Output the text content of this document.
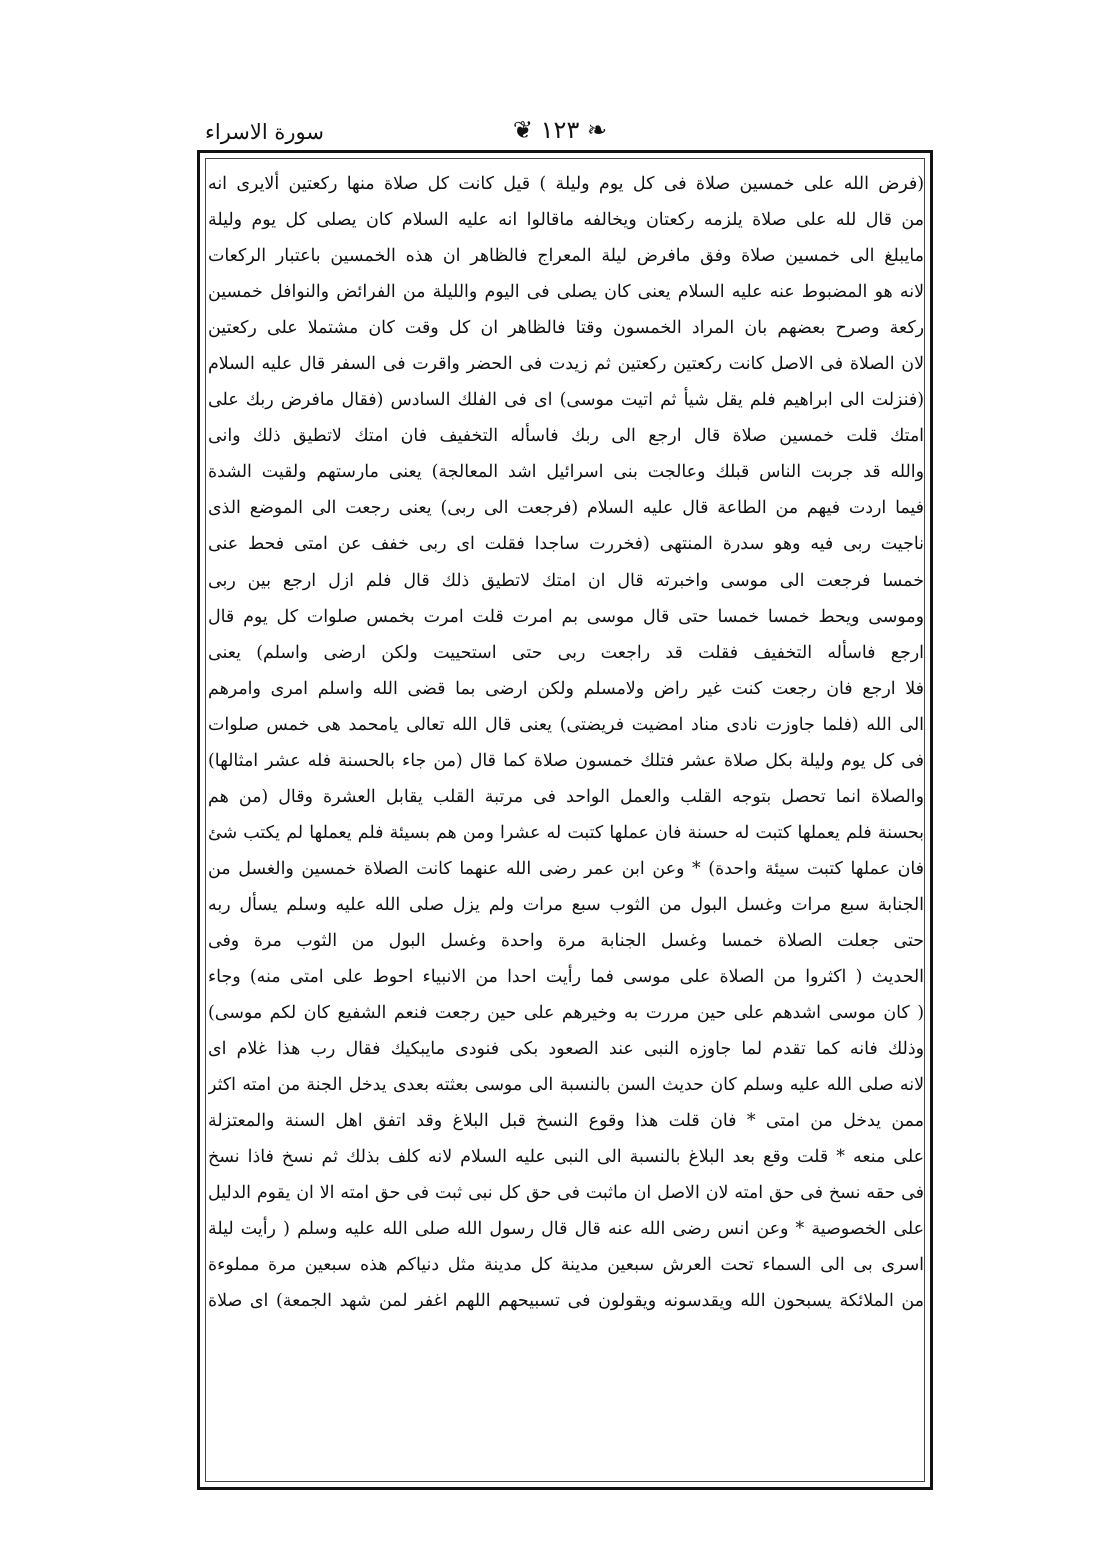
سورة الاسراء	❦ ۱۲۳ ❧
(فرض الله على خمسين صلاة فى كل يوم وليلة ) قيل كانت كل صلاة منها ركعتين ألايرى انه
من قال لله على صلاة يلزمه ركعتان ويخالفه ماقالوا انه عليه السلام كان يصلى كل يوم وليلة
مايبلغ الى خمسين صلاة وفق مافرض ليلة المعراج فالظاهر ان هذه الخمسين باعتبار الركعات
لانه هو المضبوط عنه عليه السلام يعنى كان يصلى فى اليوم والليلة من الفرائض والنوافل خمسين
ركعة وصرح بعضهم بان المراد الخمسون وقتا فالظاهر ان كل وقت كان مشتملا على ركعتين
لان الصلاة فى الاصل كانت ركعتين ركعتين ثم زيدت فى الحضر واقرت فى السفر قال عليه السلام
(فنزلت الى ابراهيم فلم يقل شيأ ثم اتيت موسى) اى فى الفلك السادس (فقال مافرض ربك على
امتك قلت خمسين صلاة قال ارجع الى ربك فاسأله التخفيف فان امتك لاتطيق ذلك وانى
والله قد جربت الناس قبلك وعالجت بنى اسرائيل اشد المعالجة) يعنى مارستهم ولقيت الشدة
فيما اردت فيهم من الطاعة قال عليه السلام (فرجعت الى ربى) يعنى رجعت الى الموضع الذى
ناجيت ربى فيه وهو سدرة المنتهى (فخررت ساجدا فقلت اى ربى خفف عن امتى فحط عنى
خمسا فرجعت الى موسى واخبرته قال ان امتك لاتطيق ذلك قال فلم ازل ارجع بين ربى
وموسى ويحط خمسا خمسا حتى قال موسى بم امرت قلت امرت بخمس صلوات كل يوم قال
ارجع فاسأله التخفيف فقلت قد راجعت ربى حتى استحييت ولكن ارضى واسلم) يعنى
فلا ارجع فان رجعت كنت غير راض ولامسلم ولكن ارضى بما قضى الله واسلم امرى وامرهم
الى الله (فلما جاوزت نادى مناد امضيت فريضتى) يعنى قال الله تعالى يامحمد هى خمس صلوات
فى كل يوم وليلة بكل صلاة عشر فتلك خمسون صلاة كما قال (من جاء بالحسنة فله عشر امثالها)
والصلاة انما تحصل بتوجه القلب والعمل الواحد فى مرتبة القلب يقابل العشرة وقال (من هم
بحسنة فلم يعملها كتبت له حسنة فان عملها كتبت له عشرا ومن هم بسيئة فلم يعملها لم يكتب شئ
فان عملها كتبت سيئة واحدة) * وعن ابن عمر رضى الله عنهما كانت الصلاة خمسين والغسل من
الجنابة سبع مرات وغسل البول من الثوب سبع مرات ولم يزل صلى الله عليه وسلم يسأل ربه
حتى جعلت الصلاة خمسا وغسل الجنابة مرة واحدة وغسل البول من الثوب مرة وفى
الحديث ( اكثروا من الصلاة على موسى فما رأيت احدا من الانبياء احوط على امتى منه) وجاء
( كان موسى اشدهم على حين مررت به وخيرهم على حين رجعت فنعم الشفيع كان لكم موسى)
وذلك فانه كما تقدم لما جاوزه النبى عند الصعود بكى فنودى مايبكيك فقال رب هذا غلام اى
لانه صلى الله عليه وسلم كان حديث السن بالنسبة الى موسى بعثته بعدى يدخل الجنة من امته اكثر
ممن يدخل من امتى * فان قلت هذا وقوع النسخ قبل البلاغ وقد اتفق اهل السنة والمعتزلة
على منعه * قلت وقع بعد البلاغ بالنسبة الى النبى عليه السلام لانه كلف بذلك ثم نسخ فاذا نسخ
فى حقه نسخ فى حق امته لان الاصل ان ماثبت فى حق كل نبى ثبت فى حق امته الا ان يقوم الدليل
على الخصوصية * وعن انس رضى الله عنه قال قال رسول الله صلى الله عليه وسلم ( رأيت ليلة
اسرى بى الى السماء تحت العرش سبعين مدينة كل مدينة مثل دنياكم هذه سبعين مرة مملوءة
من الملائكة يسبحون الله ويقدسونه ويقولون فى تسبيحهم اللهم اغفر لمن شهد الجمعة) اى صلاة
